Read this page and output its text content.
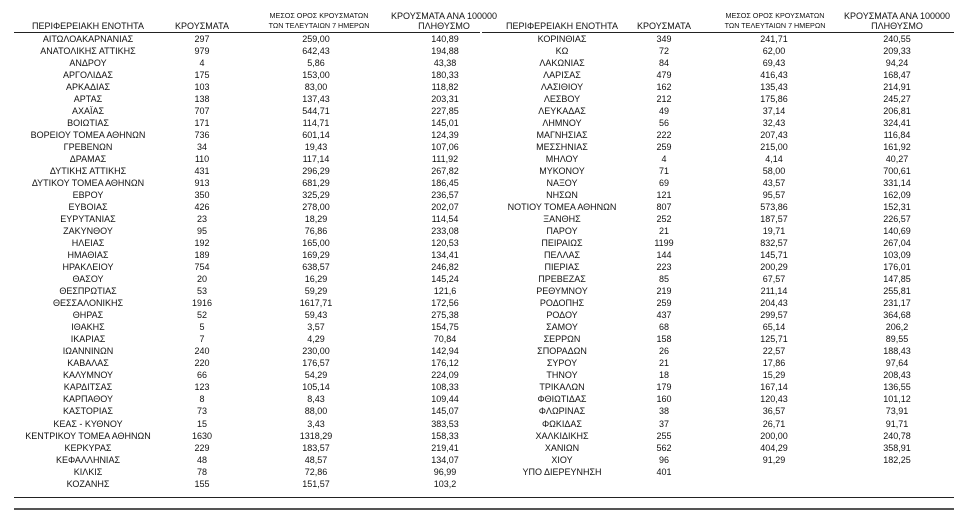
ΠΕΡΙΦΕΡΕΙΑΚΗ ΕΝΟΤΗΤΑ	ΚΡΟΥΣΜΑΤΑ
ΜΕΣΟΣ ΟΡΟΣ ΚΡΟΥΣΜΑΤΩΝ
ΤΩΝ ΤΕΛΕΥΤΑΙΩΝ 7 ΗΜΕΡΩΝ
ΚΡΟΥΣΜΑΤΑ ΑΝΑ 100000
ΠΛΗΘΥΣΜΟ
ΑΙΤΩΛΟΑΚΑΡΝΑΝΙΑΣ	297	259,00	140,89
ΑΝΑΤΟΛΙΚΗΣ ΑΤΤΙΚΗΣ	979	642,43	194,88
ΑΝΔΡΟΥ	4	5,86	43,38
ΑΡΓΟΛΙΔΑΣ	175	153,00	180,33
ΑΡΚΑΔΙΑΣ	103	83,00	118,82
ΑΡΤΑΣ	138	137,43	203,31
ΑΧΑΪΑΣ	707	544,71	227,85
ΒΟΙΩΤΙΑΣ	171	114,71	145,01
ΒΟΡΕΙΟΥ ΤΟΜΕΑ ΑΘΗΝΩΝ	736	601,14	124,39
ΓΡΕΒΕΝΩΝ	34	19,43	107,06
ΔΡΑΜΑΣ	110	117,14	111,92
ΔΥΤΙΚΗΣ ΑΤΤΙΚΗΣ	431	296,29	267,82
ΔΥΤΙΚΟΥ ΤΟΜΕΑ ΑΘΗΝΩΝ	913	681,29	186,45
ΕΒΡΟΥ	350	325,29	236,57
ΕΥΒΟΙΑΣ	426	278,00	202,07
ΕΥΡΥΤΑΝΙΑΣ	23	18,29	114,54
ΖΑΚΥΝΘΟΥ	95	76,86	233,08
ΗΛΕΙΑΣ	192	165,00	120,53
ΗΜΑΘΙΑΣ	189	169,29	134,41
ΗΡΑΚΛΕΙΟΥ	754	638,57	246,82
ΘΑΣΟΥ	20	16,29	145,24
ΘΕΣΠΡΩΤΙΑΣ	53	59,29	121,6
ΘΕΣΣΑΛΟΝΙΚΗΣ	1916	1617,71	172,56
ΘΗΡΑΣ	52	59,43	275,38
ΙΘΑΚΗΣ	5	3,57	154,75
ΙΚΑΡΙΑΣ	7	4,29	70,84
ΙΩΑΝΝΙΝΩΝ	240	230,00	142,94
ΚΑΒΑΛΑΣ	220	176,57	176,12
ΚΑΛΥΜΝΟΥ	66	54,29	224,09
ΚΑΡΔΙΤΣΑΣ	123	105,14	108,33
ΚΑΡΠΑΘΟΥ	8	8,43	109,44
ΚΑΣΤΟΡΙΑΣ	73	88,00	145,07
ΚΕΑΣ - ΚΥΘΝΟΥ	15	3,43	383,53
ΚΕΝΤΡΙΚΟΥ ΤΟΜΕΑ ΑΘΗΝΩΝ	1630	1318,29	158,33
ΚΕΡΚΥΡΑΣ	229	183,57	219,41
ΚΕΦΑΛΛΗΝΙΑΣ	48	48,57	134,07
ΚΙΛΚΙΣ	78	72,86	96,99
ΚΟΖΑΝΗΣ	155	151,57	103,2
ΠΕΡΙΦΕΡΕΙΑΚΗ ΕΝΟΤΗΤΑ	ΚΡΟΥΣΜΑΤΑ
ΜΕΣΟΣ ΟΡΟΣ ΚΡΟΥΣΜΑΤΩΝ
ΤΩΝ ΤΕΛΕΥΤΑΙΩΝ 7 ΗΜΕΡΩΝ
ΚΡΟΥΣΜΑΤΑ ΑΝΑ 100000
ΠΛΗΘΥΣΜΟ
ΚΟΡΙΝΘΙΑΣ	349	241,71	240,55
ΚΩ	72	62,00	209,33
ΛΑΚΩΝΙΑΣ	84	69,43	94,24
ΛΑΡΙΣΑΣ	479	416,43	168,47
ΛΑΣΙΘΙΟΥ	162	135,43	214,91
ΛΕΣΒΟΥ	212	175,86	245,27
ΛΕΥΚΑΔΑΣ	49	37,14	206,81
ΛΗΜΝΟΥ	56	32,43	324,41
ΜΑΓΝΗΣΙΑΣ	222	207,43	116,84
ΜΕΣΣΗΝΙΑΣ	259	215,00	161,92
ΜΗΛΟΥ	4	4,14	40,27
ΜΥΚΟΝΟΥ	71	58,00	700,61
ΝΑΞΟΥ	69	43,57	331,14
ΝΗΣΩΝ	121	95,57	162,09
ΝΟΤΙΟΥ ΤΟΜΕΑ ΑΘΗΝΩΝ	807	573,86	152,31
ΞΑΝΘΗΣ	252	187,57	226,57
ΠΑΡΟΥ	21	19,71	140,69
ΠΕΙΡΑΙΩΣ	1199	832,57	267,04
ΠΕΛΛΑΣ	144	145,71	103,09
ΠΙΕΡΙΑΣ	223	200,29	176,01
ΠΡΕΒΕΖΑΣ	85	67,57	147,85
ΡΕΘΥΜΝΟΥ	219	211,14	255,81
ΡΟΔΟΠΗΣ	259	204,43	231,17
ΡΟΔΟΥ	437	299,57	364,68
ΣΑΜΟΥ	68	65,14	206,2
ΣΕΡΡΩΝ	158	125,71	89,55
ΣΠΟΡΑΔΩΝ	26	22,57	188,43
ΣΥΡΟΥ	21	17,86	97,64
ΤΗΝΟΥ	18	15,29	208,43
ΤΡΙΚΑΛΩΝ	179	167,14	136,55
ΦΘΙΩΤΙΔΑΣ	160	120,43	101,12
ΦΛΩΡΙΝΑΣ	38	36,57	73,91
ΦΩΚΙΔΑΣ	37	26,71	91,71
ΧΑΛΚΙΔΙΚΗΣ	255	200,00	240,78
ΧΑΝΙΩΝ	562	404,29	358,91
ΧΙΟΥ	96	91,29	182,25
ΥΠΟ ΔΙΕΡΕΥΝΗΣΗ	401
